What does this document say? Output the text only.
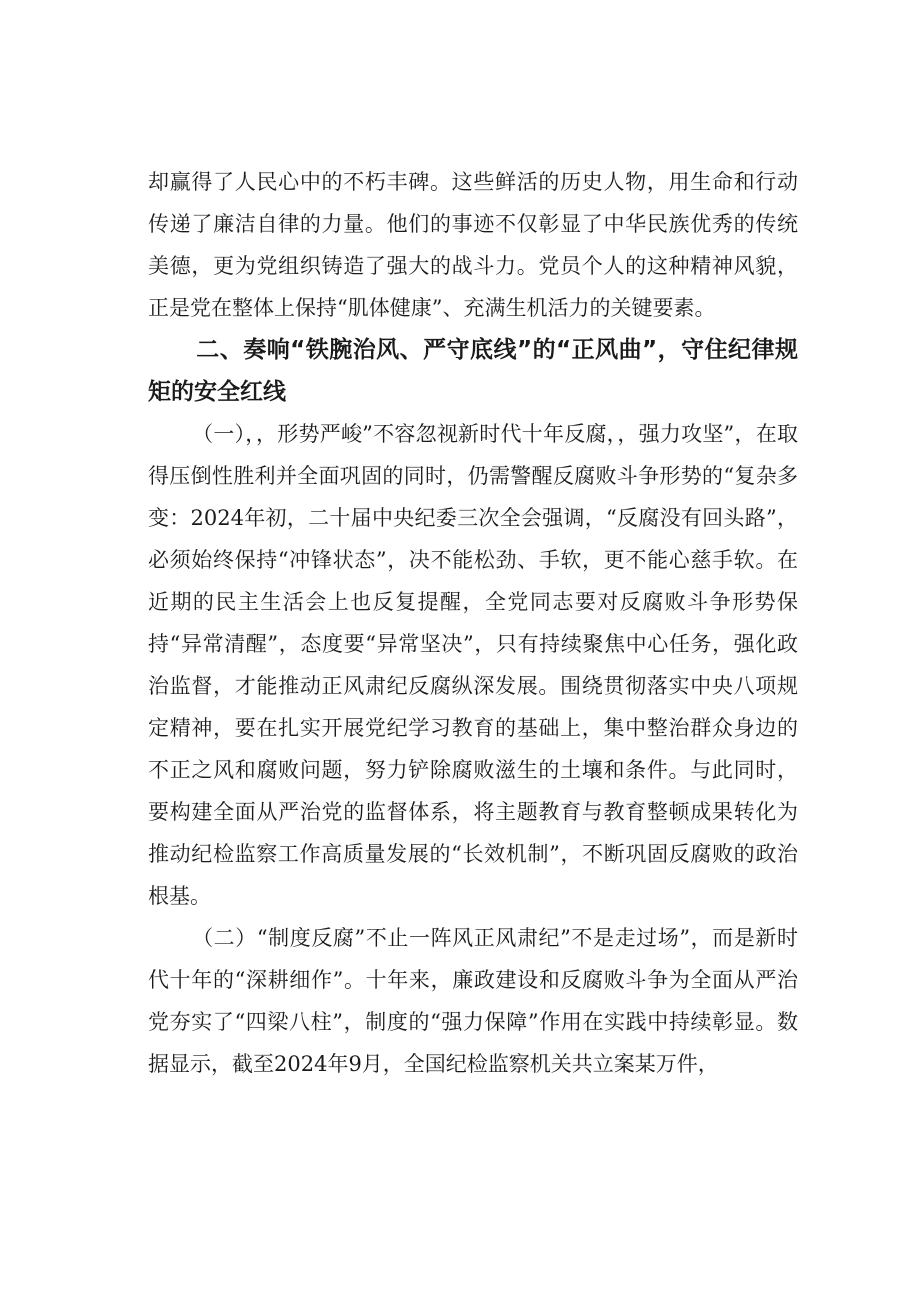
却赢得了人民心中的不朽丰碑。这些鲜活的历史人物，用生命和行动传递了廉洁自律的力量。他们的事迹不仅彰显了中华民族优秀的传统美德，更为党组织铸造了强大的战斗力。党员个人的这种精神风貌，正是党在整体上保持“肌体健康”、充满生机活力的关键要素。

二、奏响“铁腕治风、严守底线”的“正风曲”，守住纪律规矩的安全红线

（一），，形势严峻”不容忽视新时代十年反腐，，强力攻坚”，在取得压倒性胜利并全面巩固的同时，仍需警醒反腐败斗争形势的“复杂多变：2024年初，二十届中央纪委三次全会强调，“反腐没有回头路”，必须始终保持“冲锋状态”，决不能松劲、手软，更不能心慈手软。在近期的民主生活会上也反复提醒，全党同志要对反腐败斗争形势保持“异常清醒”，态度要“异常坚决”，只有持续聚焦中心任务，强化政治监督，才能推动正风肃纪反腐纵深发展。围绕贯彻落实中央八项规定精神，要在扎实开展党纪学习教育的基础上，集中整治群众身边的不正之风和腐败问题，努力铲除腐败滋生的土壤和条件。与此同时，要构建全面从严治党的监督体系，将主题教育与教育整顿成果转化为推动纪检监察工作高质量发展的“长效机制”，不断巩固反腐败的政治根基。

（二）“制度反腐”不止一阵风正风肃纪”不是走过场”，而是新时代十年的“深耕细作”。十年来，廉政建设和反腐败斗争为全面从严治党夯实了“四梁八柱”，制度的“强力保障”作用在实践中持续彰显。数据显示，截至2024年9月，全国纪检监察机关共立案某万件，
